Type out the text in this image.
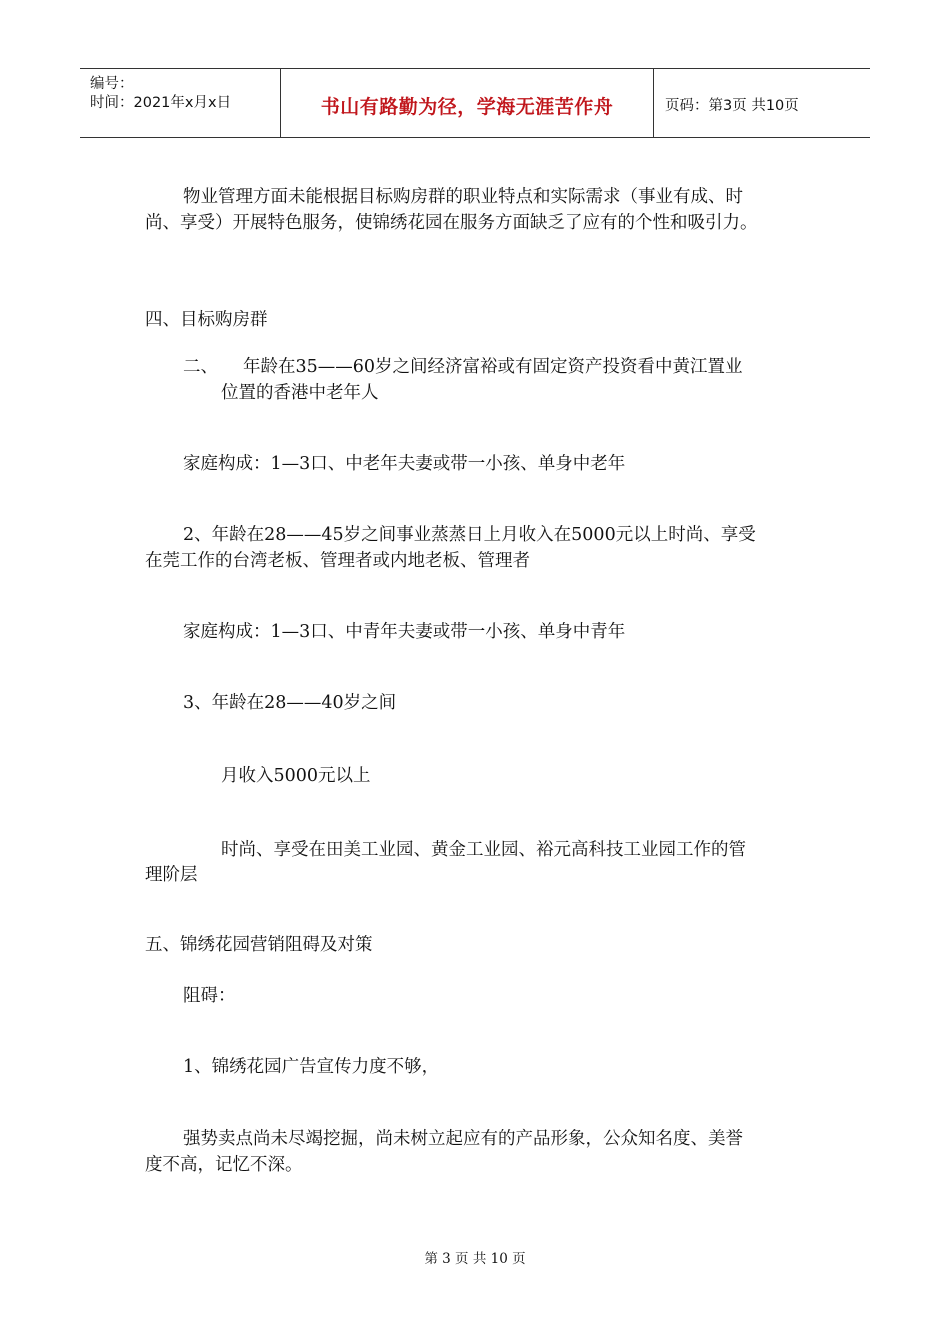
编号：
时间：2021年x月x日	书山有路勤为径，学海无涯苦作舟	页码：第3页 共10页
物业管理方面未能根据目标购房群的职业特点和实际需求（事业有成、时
尚、享受）开展特色服务，使锦绣花园在服务方面缺乏了应有的个性和吸引力。
四、目标购房群
二、 年龄在35——60岁之间经济富裕或有固定资产投资看中黄江置业
位置的香港中老年人
家庭构成：1—3口、中老年夫妻或带一小孩、单身中老年
2、年龄在28——45岁之间事业蒸蒸日上月收入在5000元以上时尚、享受
在莞工作的台湾老板、管理者或内地老板、管理者
家庭构成：1—3口、中青年夫妻或带一小孩、单身中青年
3、年龄在28——40岁之间
月收入5000元以上
时尚、享受在田美工业园、黄金工业园、裕元高科技工业园工作的管
理阶层
五、锦绣花园营销阻碍及对策
阻碍：
1、锦绣花园广告宣传力度不够，
强势卖点尚未尽竭挖掘，尚未树立起应有的产品形象，公众知名度、美誉
度不高，记忆不深。
第 3 页 共 10 页
